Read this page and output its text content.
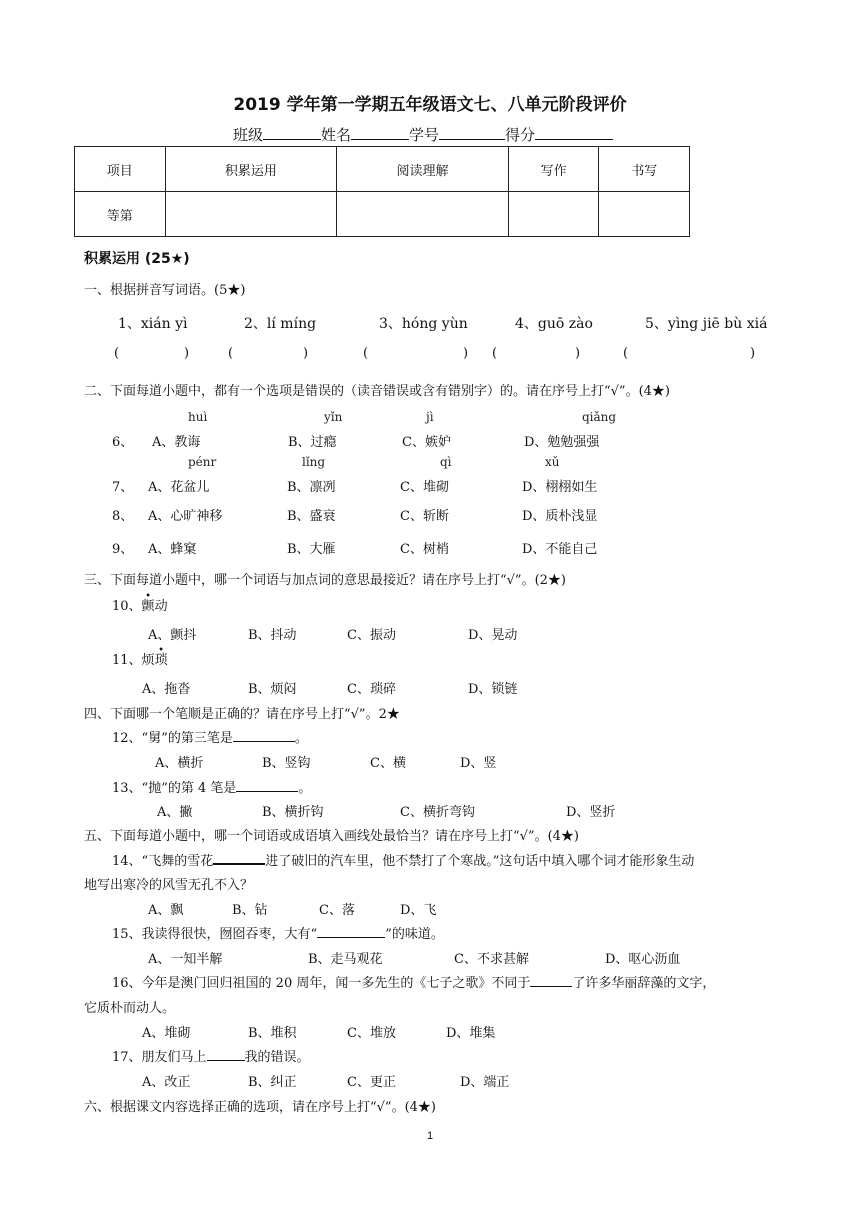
2019 学年第一学期五年级语文七、八单元阶段评价
班级	姓名	学号	得分
项目	积累运用	阅读理解	写作	书写
等第				
积累运用 (25★)
一、根据拼音写词语。(5★)
1、xián yì	2、lí míng	3、hóng yùn	4、guō zào	5、yìng jiē bù xiá
(	)	(	)	(	) (	)	(	)
二、下面每道小题中，都有一个选项是错误的（读音错误或含有错别字）的。请在序号上打“√”。(4★)
huì	yǐn	jì	qiǎng
6、 A、教诲	B、过瘾	C、嫉妒	D、勉勉强强
pénr	lǐng	qì	xǔ
7、 A、花盆儿	B、凛冽	C、堆砌	D、栩栩如生
8、 A、心旷神移	B、盛衰	C、斩断	D、质朴浅显
9、 A、蜂窠	B、大雁	C、树梢	D、不能自己
三、下面每道小题中，哪一个词语与加点词的意思最接近？请在序号上打“√”。(2★)
10、颤动
A、颤抖	B、抖动	C、振动	D、晃动
11、烦琐
A、拖沓	B、烦闷	C、琐碎	D、锁链
四、下面哪一个笔顺是正确的？请在序号上打“√”。2★
12、“舅”的第三笔是	。
A、横折	B、竖钩	C、横	D、竖
13、“抛”的第 4 笔是	。
A、撇	B、横折钩	C、横折弯钩	D、竖折
五、下面每道小题中，哪一个词语或成语填入画线处最恰当？请在序号上打“√”。(4★)
14、“飞舞的雪花	进了破旧的汽车里，他不禁打了个寒战。”这句话中填入哪个词才能形象生动
地写出寒冷的风雪无孔不入？
A、飘	B、钻	C、落	D、飞
15、我读得很快，囫囵吞枣，大有“	”的味道。
A、一知半解	B、走马观花	C、不求甚解	D、呕心沥血
16、今年是澳门回归祖国的 20 周年，闻一多先生的《七子之歌》不同于	了许多华丽辞藻的文字，
它质朴而动人。
A、堆砌	B、堆积	C、堆放	D、堆集
17、朋友们马上	我的错误。
A、改正	B、纠正	C、更正	D、端正
六、根据课文内容选择正确的选项，请在序号上打“√”。(4★)
1
